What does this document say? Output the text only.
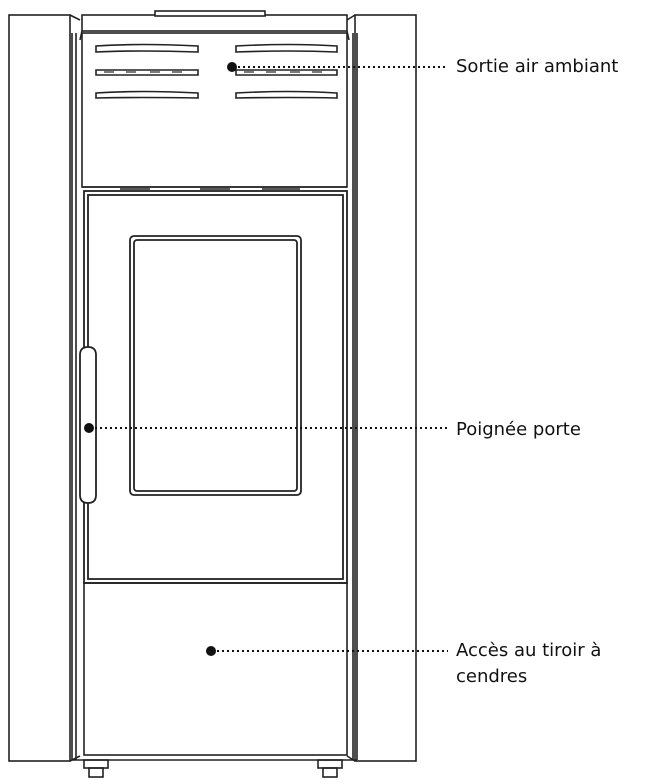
Sortie air ambiant
Poignée porte
Accès au tiroir à cendres
